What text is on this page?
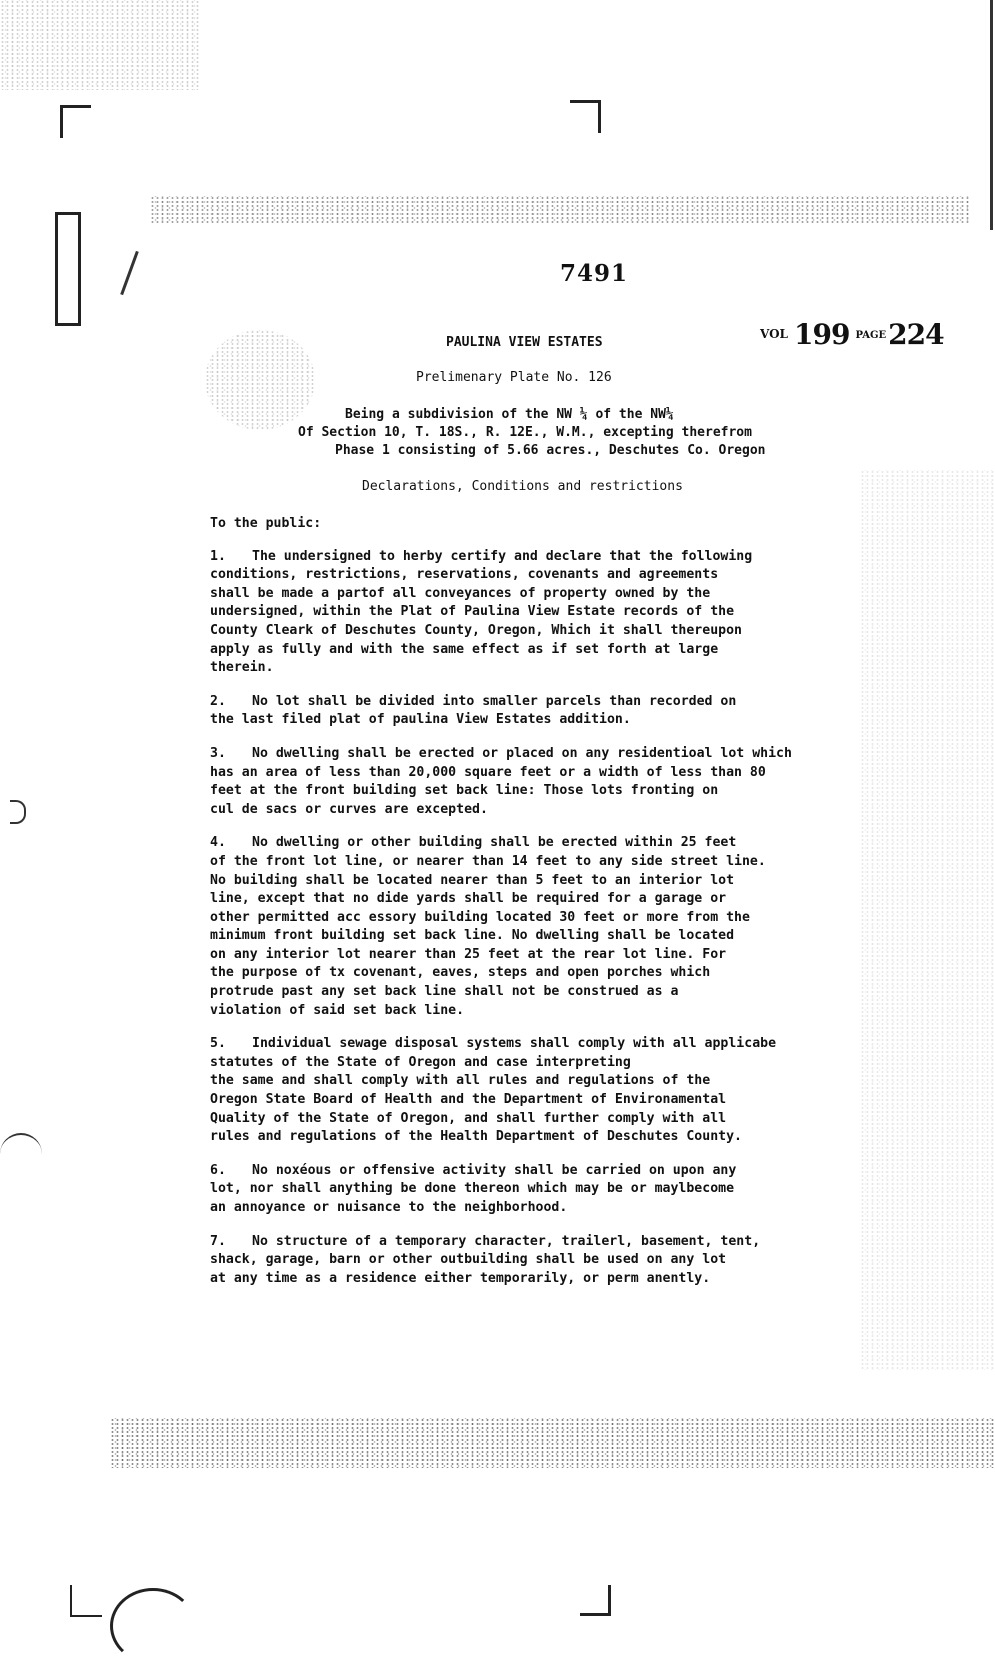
7491
$^{VOL}$ 199 $^{PAGE}$224
PAULINA VIEW ESTATES
Prelimenary Plate No. 126
Being a subdivision of the NW ¼ of the NW¼
Of Section 10, T. 18S., R. 12E., W.M., excepting therefrom
Phase 1 consisting of 5.66 acres., Deschutes Co. Oregon
Declarations, Conditions and restrictions

To the public:

1. The undersigned to herby certify and declare that the following
conditions, restrictions, reservations, covenants and agreements
shall be made a partof all conveyances of property owned by the
undersigned, within the Plat of Paulina View Estate records of the
County Cleark of Deschutes County, Oregon, Which it shall thereupon
apply as fully and with the same effect as if set forth at large
therein.

2. No lot shall be divided into smaller parcels than recorded on
the last filed plat of paulina View Estates addition.

3. No dwelling shall be erected or placed on any residentioal lot which
has an area of less than 20,000 square feet or a width of less than 80
feet at the front building set back line: Those lots fronting on
cul de sacs or curves are excepted.

4. No dwelling or other building shall be erected within 25 feet
of the front lot line, or nearer than 14 feet to any side street line.
No building shall be located nearer than 5 feet to an interior lot
line, except that no dide yards shall be required for a garage or
other permitted acc essory building located 30 feet or more from the
minimum front building set back line. No dwelling shall be located
on any interior lot nearer than 25 feet at the rear lot line. For
the purpose of tx covenant, eaves, steps and open porches which
protrude past any set back line shall not be construed as a
violation of said set back line.

5. Individual sewage disposal systems shall comply with all applicabe
statutes of the State of Oregon and case interpreting
the same and shall comply with all rules and regulations of the
Oregon State Board of Health and the Department of Environamental
Quality of the State of Oregon, and shall further comply with all
rules and regulations of the Health Department of Deschutes County.

6. No noxéous or offensive activity shall be carried on upon any
lot, nor shall anything be done thereon which may be or maylbecome
an annoyance or nuisance to the neighborhood.

7. No structure of a temporary character, trailerl, basement, tent,
shack, garage, barn or other outbuilding shall be used on any lot
at any time as a residence either temporarily, or perm anently.
